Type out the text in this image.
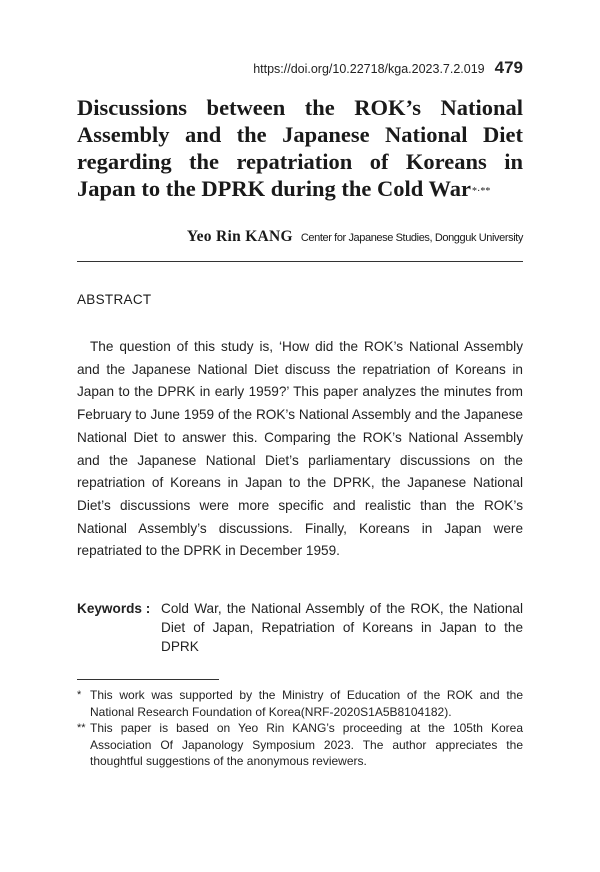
https://doi.org/10.22718/kga.2023.7.2.019 479
Discussions between the ROK’s National Assembly and the Japanese National Diet regarding the repatriation of Koreans in Japan to the DPRK during the Cold War*·**
Yeo Rin KANG Center for Japanese Studies, Dongguk University
ABSTRACT

The question of this study is, ‘How did the ROK’s National Assembly and the Japanese National Diet discuss the repatriation of Koreans in Japan to the DPRK in early 1959?’ This paper analyzes the minutes from February to June 1959 of the ROK’s National Assembly and the Japanese National Diet to answer this. Comparing the ROK’s National Assembly and the Japanese National Diet’s parliamentary discussions on the repatriation of Koreans in Japan to the DPRK, the Japanese National Diet’s discussions were more specific and realistic than the ROK’s National Assembly’s discussions. Finally, Koreans in Japan were repatriated to the DPRK in December 1959.

Keywords : Cold War, the National Assembly of the ROK, the National Diet of Japan, Repatriation of Koreans in Japan to the DPRK
* This work was supported by the Ministry of Education of the ROK and the National Research Foundation of Korea(NRF-2020S1A5B8104182).
** This paper is based on Yeo Rin KANG’s proceeding at the 105th Korea Association Of Japanology Symposium 2023. The author appreciates the thoughtful suggestions of the anonymous reviewers.
